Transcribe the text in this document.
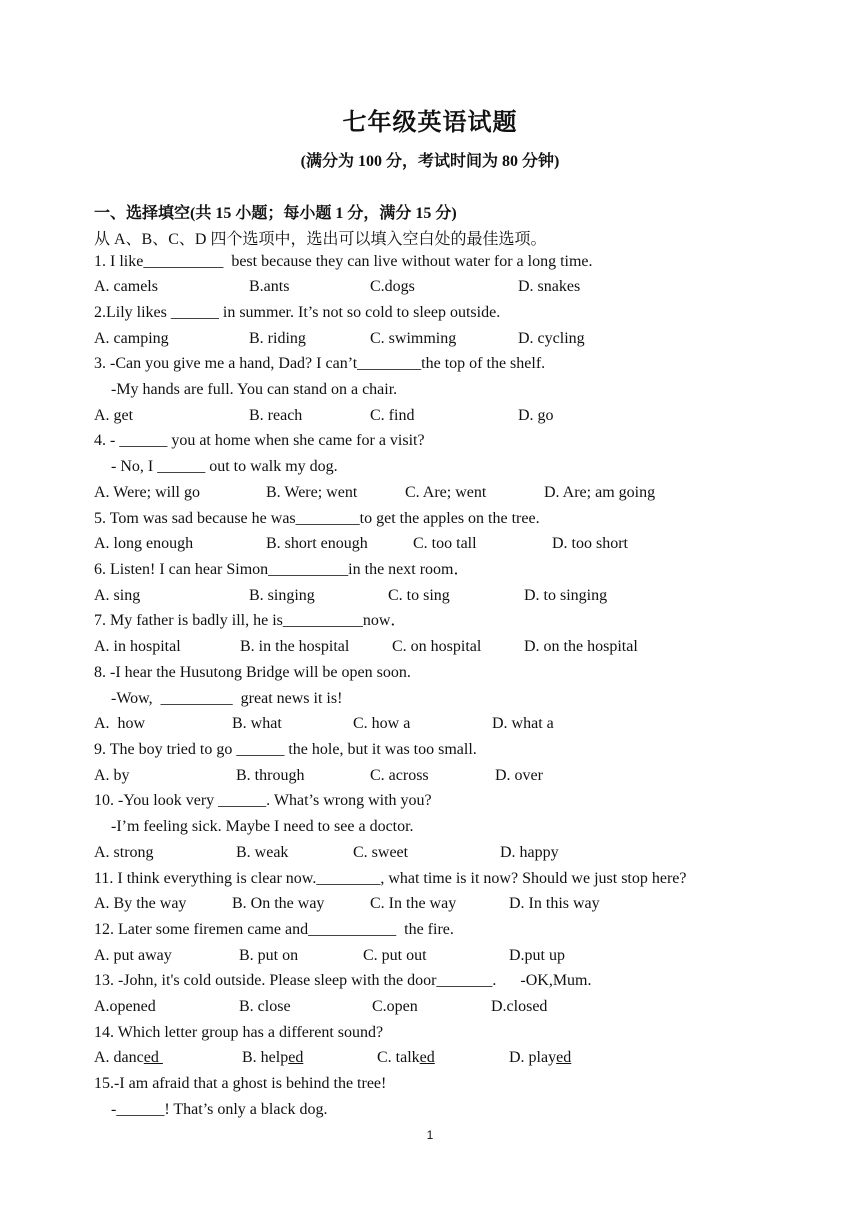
七年级英语试题
(满分为 100 分，考试时间为 80 分钟)
一、选择填空(共 15 小题；每小题 1 分，满分 15 分)
从 A、B、C、D 四个选项中，选出可以填入空白处的最佳选项。
1. I like__________  best because they can live without water for a long time.
A. camels	B.ants	C.dogs	D. snakes
2.Lily likes ______ in summer. It’s not so cold to sleep outside.
A. camping	B. riding	C. swimming	D. cycling
3. -Can you give me a hand, Dad? I can’t________the top of the shelf.
-My hands are full. You can stand on a chair.
A. get	B. reach	C. find	D. go
4. - ______ you at home when she came for a visit?
- No, I ______ out to walk my dog.
A. Were; will go	B. Were; went	C. Are; went	D. Are; am going
5. Tom was sad because he was________to get the apples on the tree.
A. long enough	B. short enough	C. too tall	D. too short
6. Listen! I can hear Simon__________in the next room．
A. sing	B. singing	C. to sing	D. to singing
7. My father is badly ill, he is__________now．
A. in hospital	B. in the hospital	C. on hospital	D. on the hospital
8. -I hear the Husutong Bridge will be open soon.
-Wow,  _________  great news it is!
A.  how	B. what	C. how a	D. what a
9. The boy tried to go ______ the hole, but it was too small.
A. by	B. through	C. across	D. over
10. -You look very ______. What’s wrong with you?
-I’m feeling sick. Maybe I need to see a doctor.
A. strong	B. weak	C. sweet	D. happy
11. I think everything is clear now.________, what time is it now? Should we just stop here?
A. By the way	B. On the way	C. In the way	D. In this way
12. Later some firemen came and___________  the fire.
A. put away	B. put on	C. put out	D.put up
13. -John, it's cold outside. Please sleep with the door_______.      -OK,Mum.
A.opened	B. close	C.open	D.closed
14. Which letter group has a different sound?
A. danced	B. helped	C. talked	D. played
15.-I am afraid that a ghost is behind the tree!
-______! That’s only a black dog.
1
